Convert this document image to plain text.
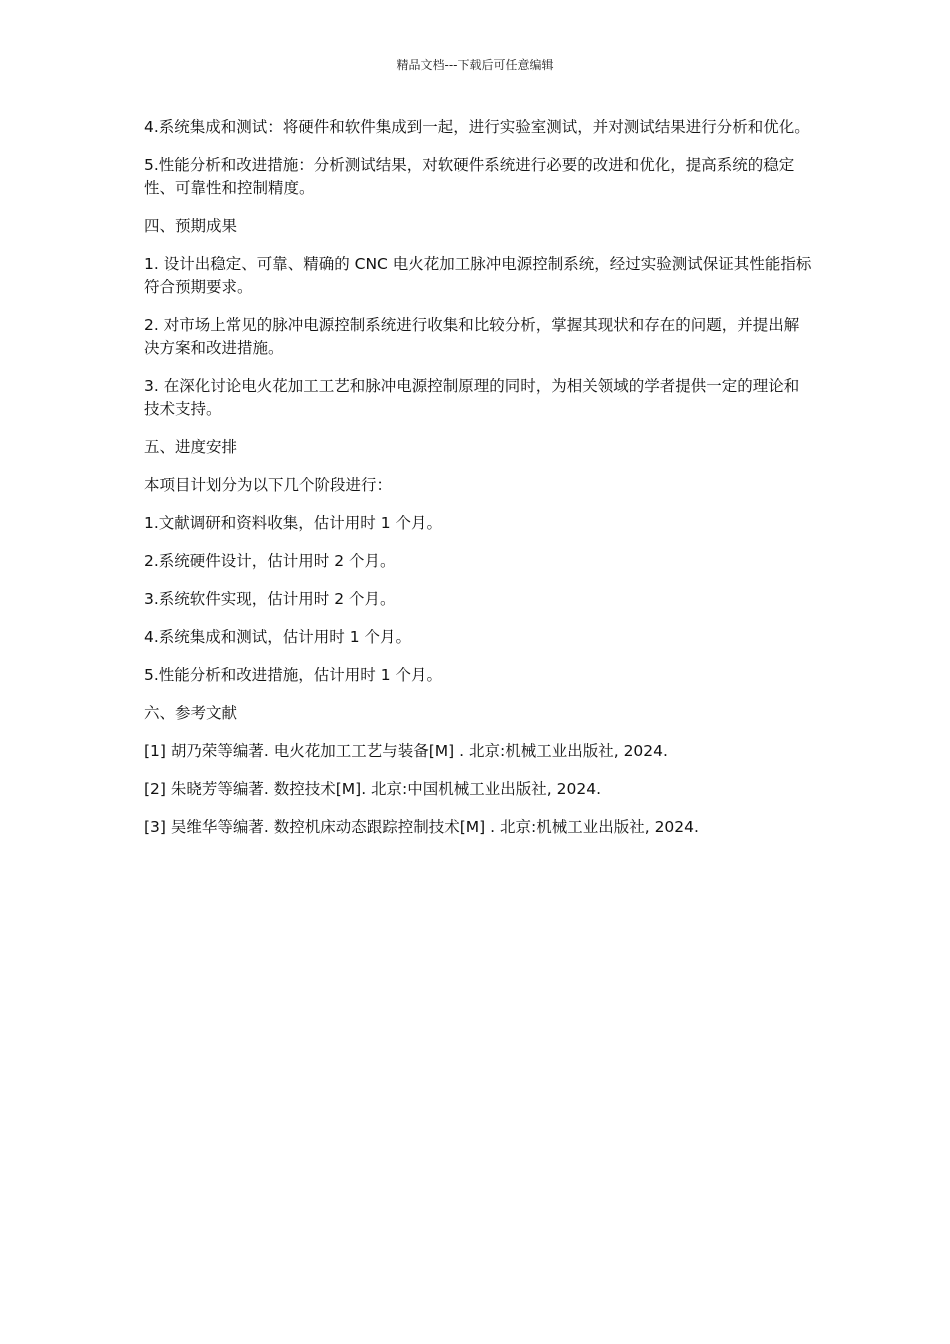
精品文档---下载后可任意编辑

4.系统集成和测试：将硬件和软件集成到一起，进行实验室测试，并对测试结果进行分析和优化。

5.性能分析和改进措施：分析测试结果，对软硬件系统进行必要的改进和优化，提高系统的稳定性、可靠性和控制精度。

四、预期成果

1. 设计出稳定、可靠、精确的 CNC 电火花加工脉冲电源控制系统，经过实验测试保证其性能指标符合预期要求。

2. 对市场上常见的脉冲电源控制系统进行收集和比较分析，掌握其现状和存在的问题，并提出解决方案和改进措施。

3. 在深化讨论电火花加工工艺和脉冲电源控制原理的同时，为相关领域的学者提供一定的理论和技术支持。

五、进度安排

本项目计划分为以下几个阶段进行：

1.文献调研和资料收集，估计用时 1 个月。

2.系统硬件设计，估计用时 2 个月。

3.系统软件实现，估计用时 2 个月。

4.系统集成和测试，估计用时 1 个月。

5.性能分析和改进措施，估计用时 1 个月。

六、参考文献

[1] 胡乃荣等编著. 电火花加工工艺与装备[M] . 北京:机械工业出版社, 2024.

[2] 朱晓芳等编著. 数控技术[M]. 北京:中国机械工业出版社, 2024.

[3] 吴维华等编著. 数控机床动态跟踪控制技术[M] . 北京:机械工业出版社, 2024.
